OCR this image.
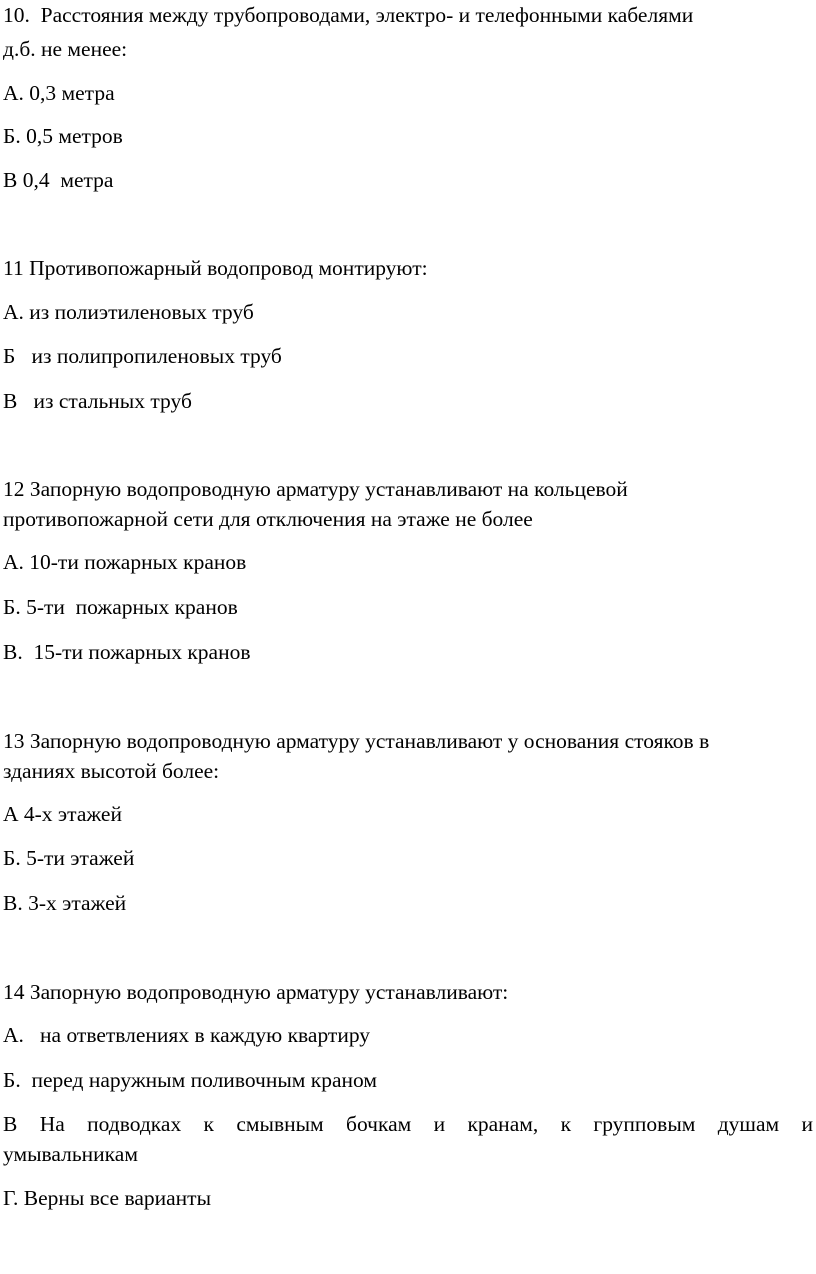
10.  Расстояния между трубопроводами, электро- и телефонными кабелями
д.б. не менее:
А. 0,3 метра
Б. 0,5 метров
В 0,4  метра
11 Противопожарный водопровод монтируют:
А. из полиэтиленовых труб
Б   из полипропиленовых труб
В   из стальных труб
12 Запорную водопроводную арматуру устанавливают на кольцевой
противопожарной сети для отключения на этаже не более
А. 10-ти пожарных кранов
Б. 5-ти  пожарных кранов
В.  15-ти пожарных кранов
13 Запорную водопроводную арматуру устанавливают у основания стояков в
зданиях высотой более:
А 4-х этажей
Б. 5-ти этажей
В. 3-х этажей
14 Запорную водопроводную арматуру устанавливают:
А.   на ответвлениях в каждую квартиру
Б.  перед наружным поливочным краном
В На подводках к смывным бочкам и кранам, к групповым душам и
умывальникам
Г. Верны все варианты
